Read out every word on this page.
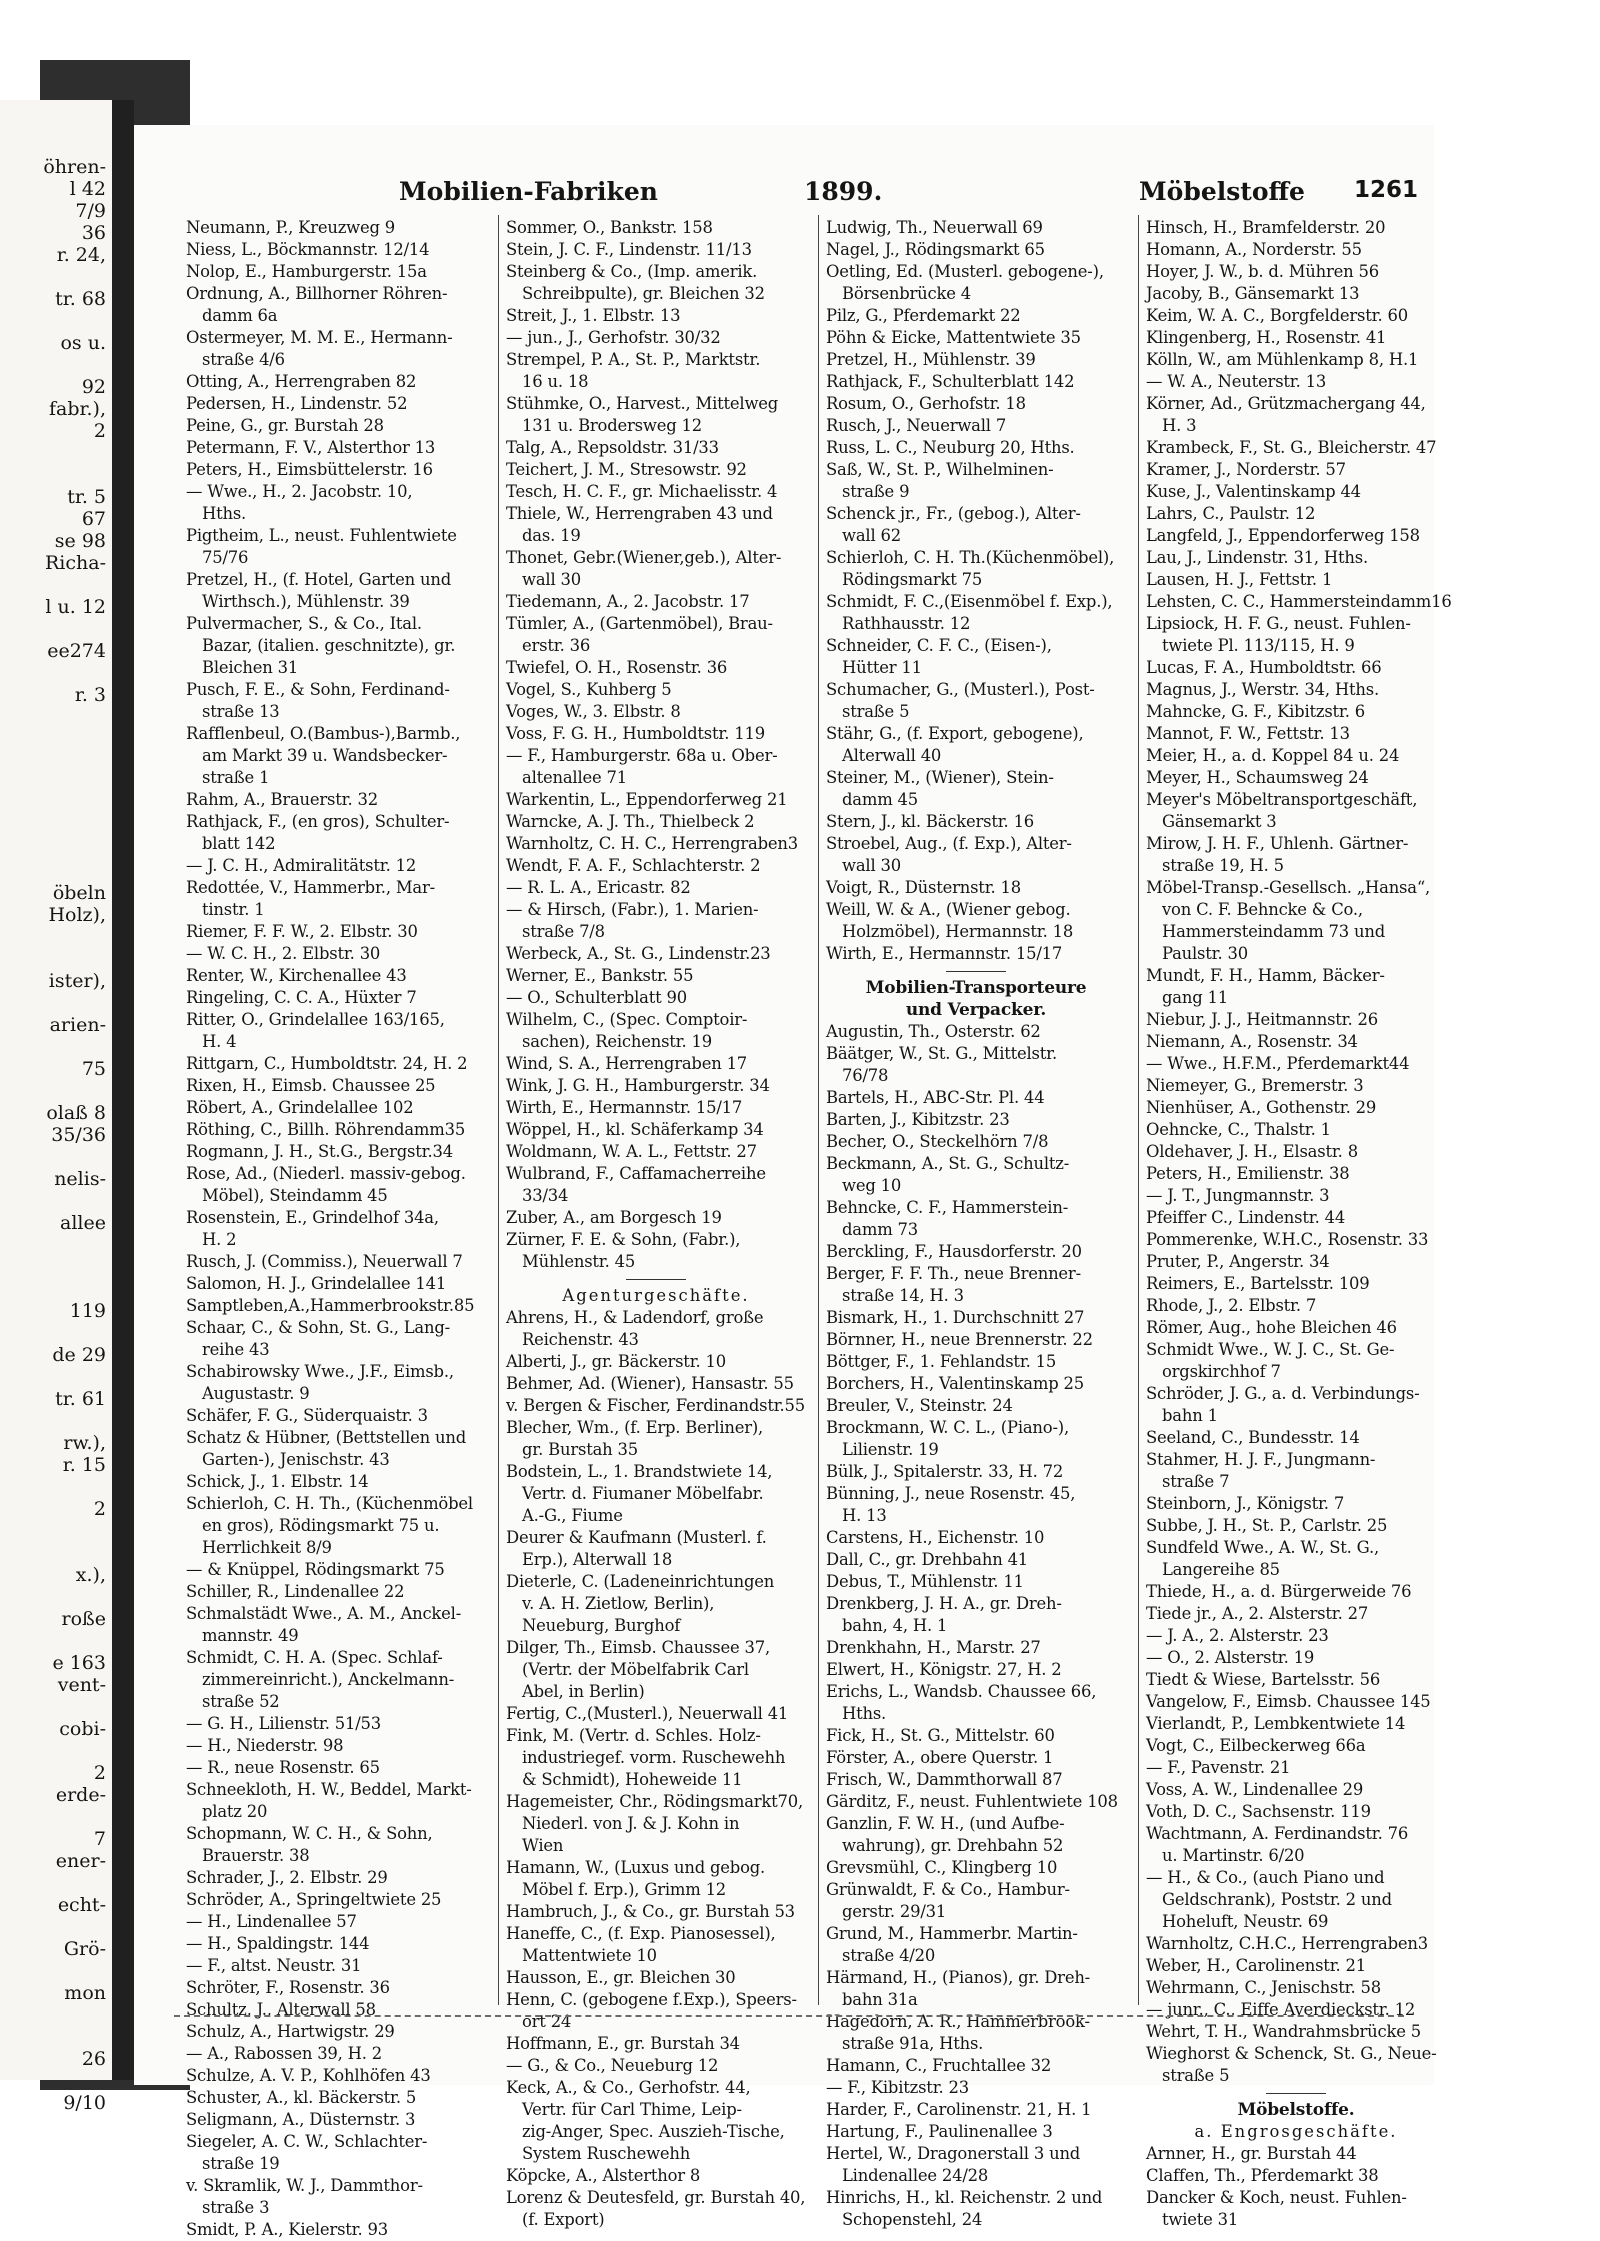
öhren-
l 42
7/9
36
r. 24,
tr. 68
os u.
92
fabr.),
2
tr. 5
67
se 98
Richa-
l u. 12
ee274
r. 3
öbeln
Holz),
ister),
arien-
75
olaß 8
35/36
nelis-
allee
119
de 29
tr. 61
rw.),
r. 15
2
x.),
roße
e 163
vent-
cobi-
2
erde-
7
ener-
echt-
Grö-
mon
26
9/10
Mobilien-Fabriken	1899.	Möbelstoffe 1261
Neumann, P., Kreuzweg 9
Niess, L., Böckmannstr. 12/14
Nolop, E., Hamburgerstr. 15a
Ordnung, A., Billhorner Röhren-
damm 6a
Ostermeyer, M. M. E., Hermann-
straße 4/6
Otting, A., Herrengraben 82
Pedersen, H., Lindenstr. 52
Peine, G., gr. Burstah 28
Petermann, F. V., Alsterthor 13
Peters, H., Eimsbüttelerstr. 16
— Wwe., H., 2. Jacobstr. 10,
Hths.
Pigtheim, L., neust. Fuhlentwiete
75/76
Pretzel, H., (f. Hotel, Garten und
Wirthsch.), Mühlenstr. 39
Pulvermacher, S., & Co., Ital.
Bazar, (italien. geschnitzte), gr.
Bleichen 31
Pusch, F. E., & Sohn, Ferdinand-
straße 13
Rafflenbeul, O.(Bambus-),Barmb.,
am Markt 39 u. Wandsbecker-
straße 1
Rahm, A., Brauerstr. 32
Rathjack, F., (en gros), Schulter-
blatt 142
— J. C. H., Admiralitätstr. 12
Redottée, V., Hammerbr., Mar-
tinstr. 1
Riemer, F. F. W., 2. Elbstr. 30
— W. C. H., 2. Elbstr. 30
Renter, W., Kirchenallee 43
Ringeling, C. C. A., Hüxter 7
Ritter, O., Grindelallee 163/165,
H. 4
Rittgarn, C., Humboldtstr. 24, H. 2
Rixen, H., Eimsb. Chaussee 25
Röbert, A., Grindelallee 102
Röthing, C., Billh. Röhrendamm35
Rogmann, J. H., St.G., Bergstr.34
Rose, Ad., (Niederl. massiv-gebog.
Möbel), Steindamm 45
Rosenstein, E., Grindelhof 34a,
H. 2
Rusch, J. (Commiss.), Neuerwall 7
Salomon, H. J., Grindelallee 141
Samptleben,A.,Hammerbrookstr.85
Schaar, C., & Sohn, St. G., Lang-
reihe 43
Schabirowsky Wwe., J.F., Eimsb.,
Augustastr. 9
Schäfer, F. G., Süderquaistr. 3
Schatz & Hübner, (Bettstellen und
Garten-), Jenischstr. 43
Schick, J., 1. Elbstr. 14
Schierloh, C. H. Th., (Küchenmöbel
en gros), Rödingsmarkt 75 u.
Herrlichkeit 8/9
— & Knüppel, Rödingsmarkt 75
Schiller, R., Lindenallee 22
Schmalstädt Wwe., A. M., Anckel-
mannstr. 49
Schmidt, C. H. A. (Spec. Schlaf-
zimmereinricht.), Anckelmann-
straße 52
— G. H., Lilienstr. 51/53
— H., Niederstr. 98
— R., neue Rosenstr. 65
Schneekloth, H. W., Beddel, Markt-
platz 20
Schopmann, W. C. H., & Sohn,
Brauerstr. 38
Schrader, J., 2. Elbstr. 29
Schröder, A., Springeltwiete 25
— H., Lindenallee 57
— H., Spaldingstr. 144
— F., altst. Neustr. 31
Schröter, F., Rosenstr. 36
Schultz, J., Alterwall 58
Schulz, A., Hartwigstr. 29
— A., Rabossen 39, H. 2
Schulze, A. V. P., Kohlhöfen 43
Schuster, A., kl. Bäckerstr. 5
Seligmann, A., Düsternstr. 3
Siegeler, A. C. W., Schlachter-
straße 19
v. Skramlik, W. J., Dammthor-
straße 3
Smidt, P. A., Kielerstr. 93
Sommer, O., Bankstr. 158
Stein, J. C. F., Lindenstr. 11/13
Steinberg & Co., (Imp. amerik.
Schreibpulte), gr. Bleichen 32
Streit, J., 1. Elbstr. 13
— jun., J., Gerhofstr. 30/32
Strempel, P. A., St. P., Marktstr.
16 u. 18
Stühmke, O., Harvest., Mittelweg
131 u. Brodersweg 12
Talg, A., Repsoldstr. 31/33
Teichert, J. M., Stresowstr. 92
Tesch, H. C. F., gr. Michaelisstr. 4
Thiele, W., Herrengraben 43 und
das. 19
Thonet, Gebr.(Wiener,geb.), Alter-
wall 30
Tiedemann, A., 2. Jacobstr. 17
Tümler, A., (Gartenmöbel), Brau-
erstr. 36
Twiefel, O. H., Rosenstr. 36
Vogel, S., Kuhberg 5
Voges, W., 3. Elbstr. 8
Voss, F. G. H., Humboldtstr. 119
— F., Hamburgerstr. 68a u. Ober-
altenallee 71
Warkentin, L., Eppendorferweg 21
Warncke, A. J. Th., Thielbeck 2
Warnholtz, C. H. C., Herrengraben3
Wendt, F. A. F., Schlachterstr. 2
— R. L. A., Ericastr. 82
— & Hirsch, (Fabr.), 1. Marien-
straße 7/8
Werbeck, A., St. G., Lindenstr.23
Werner, E., Bankstr. 55
— O., Schulterblatt 90
Wilhelm, C., (Spec. Comptoir-
sachen), Reichenstr. 19
Wind, S. A., Herrengraben 17
Wink, J. G. H., Hamburgerstr. 34
Wirth, E., Hermannstr. 15/17
Wöppel, H., kl. Schäferkamp 34
Woldmann, W. A. L., Fettstr. 27
Wulbrand, F., Caffamacherreihe
33/34
Zuber, A., am Borgesch 19
Zürner, F. E. & Sohn, (Fabr.),
Mühlenstr. 45
Agenturgeschäfte.
Ahrens, H., & Ladendorf, große
Reichenstr. 43
Alberti, J., gr. Bäckerstr. 10
Behmer, Ad. (Wiener), Hansastr. 55
v. Bergen & Fischer, Ferdinandstr.55
Blecher, Wm., (f. Erp. Berliner),
gr. Burstah 35
Bodstein, L., 1. Brandstwiete 14,
Vertr. d. Fiumaner Möbelfabr.
A.-G., Fiume
Deurer & Kaufmann (Musterl. f.
Erp.), Alterwall 18
Dieterle, C. (Ladeneinrichtungen
v. A. H. Zietlow, Berlin),
Neueburg, Burghof
Dilger, Th., Eimsb. Chaussee 37,
(Vertr. der Möbelfabrik Carl
Abel, in Berlin)
Fertig, C.,(Musterl.), Neuerwall 41
Fink, M. (Vertr. d. Schles. Holz-
industriegef. vorm. Ruschewehh
& Schmidt), Hoheweide 11
Hagemeister, Chr., Rödingsmarkt70,
Niederl. von J. & J. Kohn in
Wien
Hamann, W., (Luxus und gebog.
Möbel f. Erp.), Grimm 12
Hambruch, J., & Co., gr. Burstah 53
Haneffe, C., (f. Exp. Pianosessel),
Mattentwiete 10
Hausson, E., gr. Bleichen 30
Henn, C. (gebogene f.Exp.), Speers-
ort 24
Hoffmann, E., gr. Burstah 34
— G., & Co., Neueburg 12
Keck, A., & Co., Gerhofstr. 44,
Vertr. für Carl Thime, Leip-
zig-Anger, Spec. Auszieh-Tische,
System Ruschewehh
Köpcke, A., Alsterthor 8
Lorenz & Deutesfeld, gr. Burstah 40,
(f. Export)
Ludwig, Th., Neuerwall 69
Nagel, J., Rödingsmarkt 65
Oetling, Ed. (Musterl. gebogene-),
Börsenbrücke 4
Pilz, G., Pferdemarkt 22
Pöhn & Eicke, Mattentwiete 35
Pretzel, H., Mühlenstr. 39
Rathjack, F., Schulterblatt 142
Rosum, O., Gerhofstr. 18
Rusch, J., Neuerwall 7
Russ, L. C., Neuburg 20, Hths.
Saß, W., St. P., Wilhelminen-
straße 9
Schenck jr., Fr., (gebog.), Alter-
wall 62
Schierloh, C. H. Th.(Küchenmöbel),
Rödingsmarkt 75
Schmidt, F. C.,(Eisenmöbel f. Exp.),
Rathhausstr. 12
Schneider, C. F. C., (Eisen-),
Hütter 11
Schumacher, G., (Musterl.), Post-
straße 5
Stähr, G., (f. Export, gebogene),
Alterwall 40
Steiner, M., (Wiener), Stein-
damm 45
Stern, J., kl. Bäckerstr. 16
Stroebel, Aug., (f. Exp.), Alter-
wall 30
Voigt, R., Düsternstr. 18
Weill, W. & A., (Wiener gebog.
Holzmöbel), Hermannstr. 18
Wirth, E., Hermannstr. 15/17
Mobilien-Transporteure
und Verpacker.
Augustin, Th., Osterstr. 62
Bäätger, W., St. G., Mittelstr.
76/78
Bartels, H., ABC-Str. Pl. 44
Barten, J., Kibitzstr. 23
Becher, O., Steckelhörn 7/8
Beckmann, A., St. G., Schultz-
weg 10
Behncke, C. F., Hammerstein-
damm 73
Berckling, F., Hausdorferstr. 20
Berger, F. F. Th., neue Brenner-
straße 14, H. 3
Bismark, H., 1. Durchschnitt 27
Börnner, H., neue Brennerstr. 22
Böttger, F., 1. Fehlandstr. 15
Borchers, H., Valentinskamp 25
Breuler, V., Steinstr. 24
Brockmann, W. C. L., (Piano-),
Lilienstr. 19
Bülk, J., Spitalerstr. 33, H. 72
Bünning, J., neue Rosenstr. 45,
H. 13
Carstens, H., Eichenstr. 10
Dall, C., gr. Drehbahn 41
Debus, T., Mühlenstr. 11
Drenkberg, J. H. A., gr. Dreh-
bahn, 4, H. 1
Drenkhahn, H., Marstr. 27
Elwert, H., Königstr. 27, H. 2
Erichs, L., Wandsb. Chaussee 66,
Hths.
Fick, H., St. G., Mittelstr. 60
Förster, A., obere Querstr. 1
Frisch, W., Dammthorwall 87
Gärditz, F., neust. Fuhlentwiete 108
Ganzlin, F. W. H., (und Aufbe-
wahrung), gr. Drehbahn 52
Grevsmühl, C., Klingberg 10
Grünwaldt, F. & Co., Hambur-
gerstr. 29/31
Grund, M., Hammerbr. Martin-
straße 4/20
Härmand, H., (Pianos), gr. Dreh-
bahn 31a
Hagedorn, A. R., Hammerbrook-
straße 91a, Hths.
Hamann, C., Fruchtallee 32
— F., Kibitzstr. 23
Harder, F., Carolinenstr. 21, H. 1
Hartung, F., Paulinenallee 3
Hertel, W., Dragonerstall 3 und
Lindenallee 24/28
Hinrichs, H., kl. Reichenstr. 2 und
Schopenstehl, 24
Hinsch, H., Bramfelderstr. 20
Homann, A., Norderstr. 55
Hoyer, J. W., b. d. Mühren 56
Jacoby, B., Gänsemarkt 13
Keim, W. A. C., Borgfelderstr. 60
Klingenberg, H., Rosenstr. 41
Kölln, W., am Mühlenkamp 8, H.1
— W. A., Neuterstr. 13
Körner, Ad., Grützmachergang 44,
H. 3
Krambeck, F., St. G., Bleicherstr. 47
Kramer, J., Norderstr. 57
Kuse, J., Valentinskamp 44
Lahrs, C., Paulstr. 12
Langfeld, J., Eppendorferweg 158
Lau, J., Lindenstr. 31, Hths.
Lausen, H. J., Fettstr. 1
Lehsten, C. C., Hammersteindamm16
Lipsiock, H. F. G., neust. Fuhlen-
twiete Pl. 113/115, H. 9
Lucas, F. A., Humboldtstr. 66
Magnus, J., Werstr. 34, Hths.
Mahncke, G. F., Kibitzstr. 6
Mannot, F. W., Fettstr. 13
Meier, H., a. d. Koppel 84 u. 24
Meyer, H., Schaumsweg 24
Meyer's Möbeltransportgeschäft,
Gänsemarkt 3
Mirow, J. H. F., Uhlenh. Gärtner-
straße 19, H. 5
Möbel-Transp.-Gesellsch. „Hansa“,
von C. F. Behncke & Co.,
Hammersteindamm 73 und
Paulstr. 30
Mundt, F. H., Hamm, Bäcker-
gang 11
Niebur, J. J., Heitmannstr. 26
Niemann, A., Rosenstr. 34
— Wwe., H.F.M., Pferdemarkt44
Niemeyer, G., Bremerstr. 3
Nienhüser, A., Gothenstr. 29
Oehncke, C., Thalstr. 1
Oldehaver, J. H., Elsastr. 8
Peters, H., Emilienstr. 38
— J. T., Jungmannstr. 3
Pfeiffer C., Lindenstr. 44
Pommerenke, W.H.C., Rosenstr. 33
Pruter, P., Angerstr. 34
Reimers, E., Bartelsstr. 109
Rhode, J., 2. Elbstr. 7
Römer, Aug., hohe Bleichen 46
Schmidt Wwe., W. J. C., St. Ge-
orgskirchhof 7
Schröder, J. G., a. d. Verbindungs-
bahn 1
Seeland, C., Bundesstr. 14
Stahmer, H. J. F., Jungmann-
straße 7
Steinborn, J., Königstr. 7
Subbe, J. H., St. P., Carlstr. 25
Sundfeld Wwe., A. W., St. G.,
Langereihe 85
Thiede, H., a. d. Bürgerweide 76
Tiede jr., A., 2. Alsterstr. 27
— J. A., 2. Alsterstr. 23
— O., 2. Alsterstr. 19
Tiedt & Wiese, Bartelsstr. 56
Vangelow, F., Eimsb. Chaussee 145
Vierlandt, P., Lembkentwiete 14
Vogt, C., Eilbeckerweg 66a
— F., Pavenstr. 21
Voss, A. W., Lindenallee 29
Voth, D. C., Sachsenstr. 119
Wachtmann, A. Ferdinandstr. 76
u. Martinstr. 6/20
— H., & Co., (auch Piano und
Geldschrank), Poststr. 2 und
Hoheluft, Neustr. 69
Warnholtz, C.H.C., Herrengraben3
Weber, H., Carolinenstr. 21
Wehrmann, C., Jenischstr. 58
— junr., C., Eiffe Averdieckstr. 12
Wehrt, T. H., Wandrahmsbrücke 5
Wieghorst & Schenck, St. G., Neue-
straße 5
Möbelstoffe.
a. Engrosgeschäfte.
Arnner, H., gr. Burstah 44
Claffen, Th., Pferdemarkt 38
Dancker & Koch, neust. Fuhlen-
twiete 31
